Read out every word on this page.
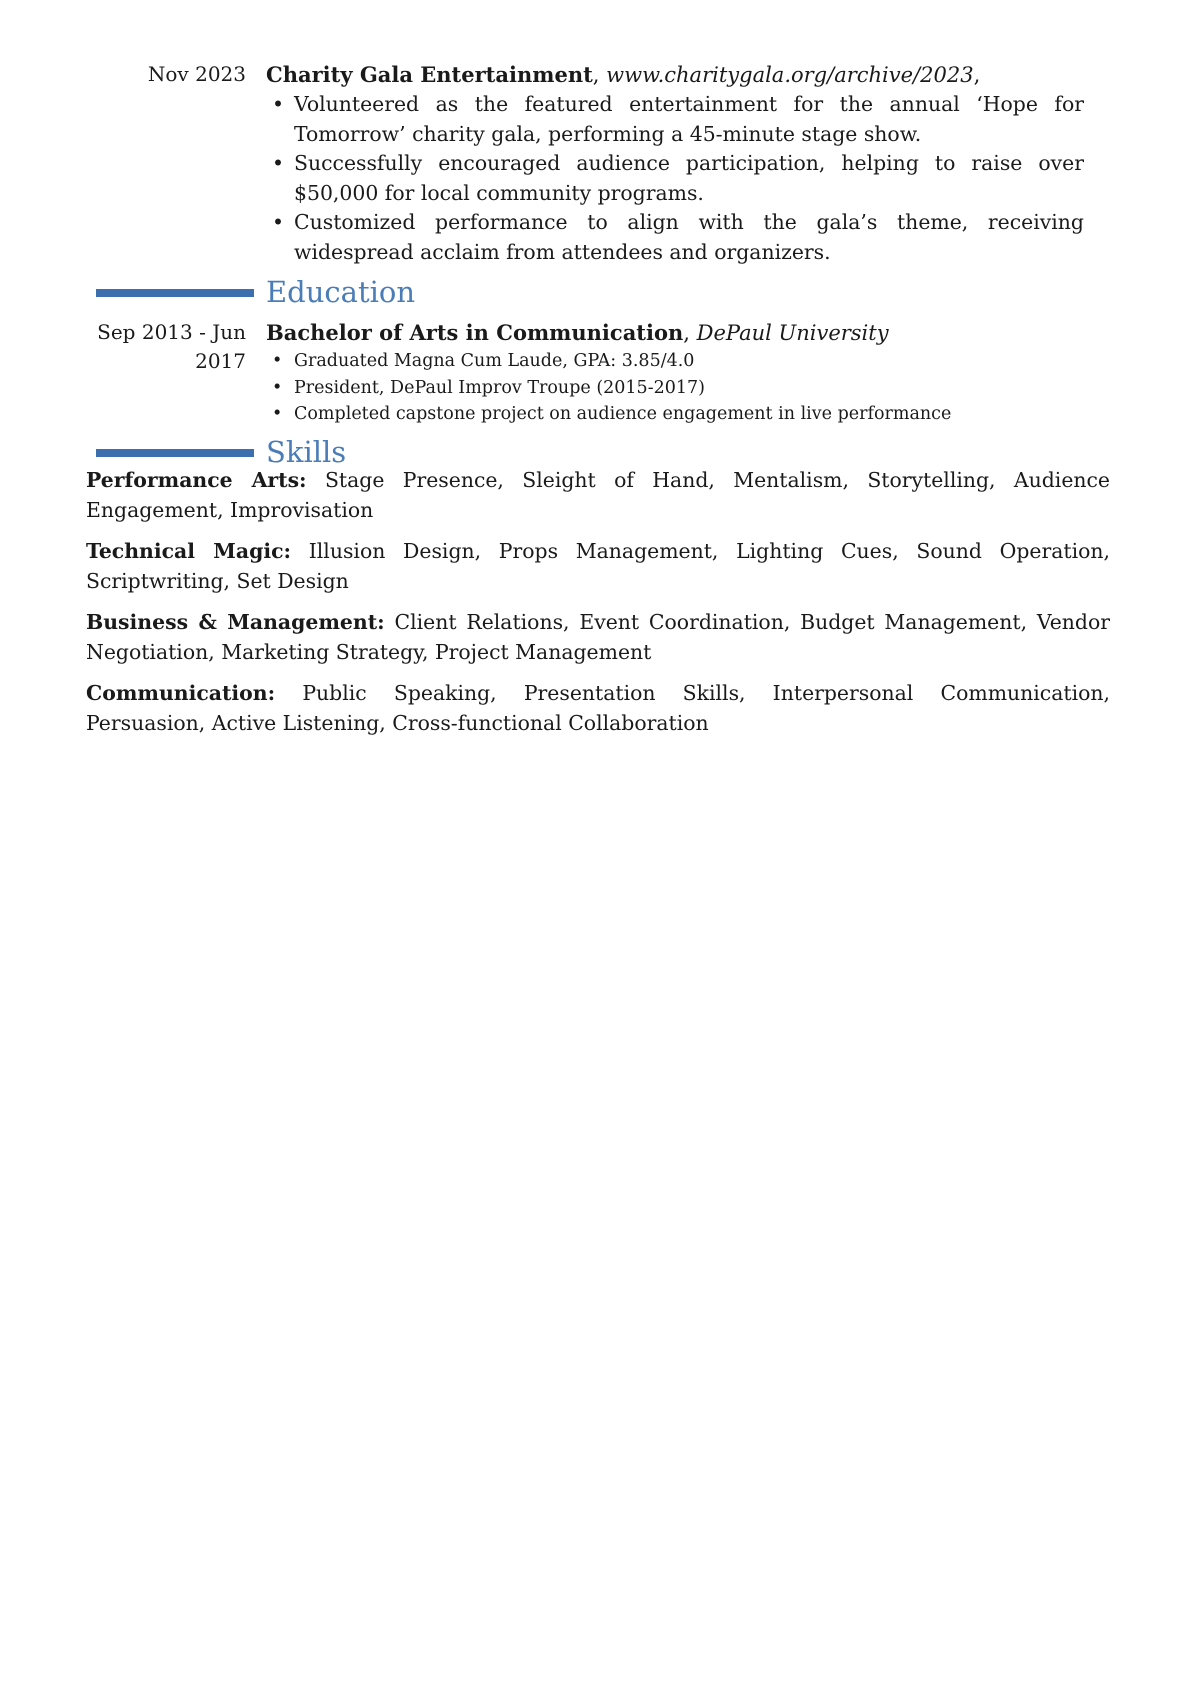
Nov 2023 Charity Gala Entertainment, www.charitygala.org/archive/2023,
• Volunteered as the featured entertainment for the annual ‘Hope for Tomorrow’ charity gala, performing a 45-minute stage show.
• Successfully encouraged audience participation, helping to raise over $50,000 for local community programs.
• Customized performance to align with the gala’s theme, receiving widespread acclaim from attendees and organizers.
Education
Sep 2013 - Jun 2017
Bachelor of Arts in Communication, DePaul University
• Graduated Magna Cum Laude, GPA: 3.85/4.0
• President, DePaul Improv Troupe (2015-2017)
• Completed capstone project on audience engagement in live performance
Skills
Performance Arts: Stage Presence, Sleight of Hand, Mentalism, Storytelling, Audience Engagement, Improvisation
Technical Magic: Illusion Design, Props Management, Lighting Cues, Sound Operation, Scriptwriting, Set Design
Business & Management: Client Relations, Event Coordination, Budget Management, Vendor Negotiation, Marketing Strategy, Project Management
Communication: Public Speaking, Presentation Skills, Interpersonal Communication, Persuasion, Active Listening, Cross-functional Collaboration
